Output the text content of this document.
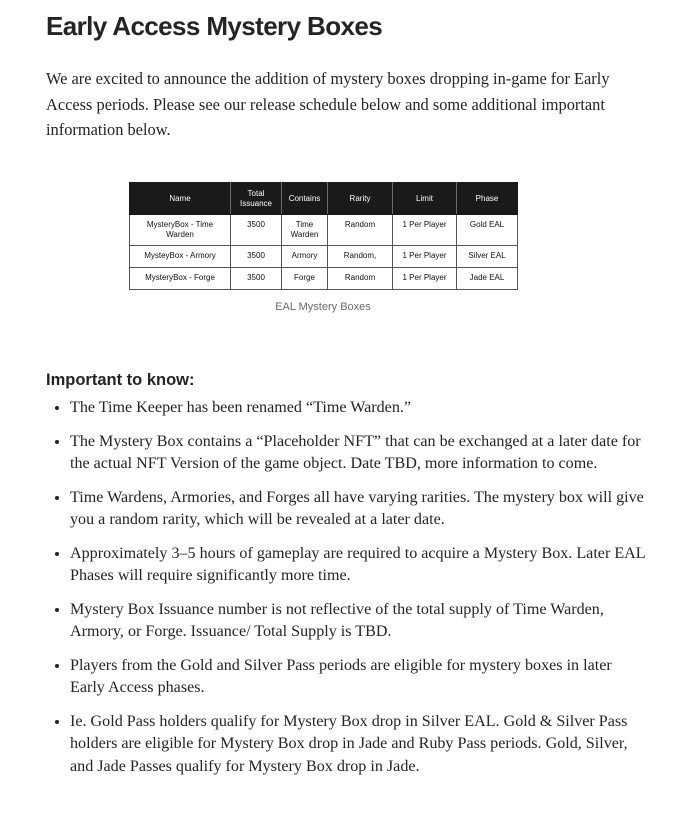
Early Access Mystery Boxes

We are excited to announce the addition of mystery boxes dropping in-game for Early Access periods. Please see our release schedule below and some additional important information below.

Name	Total Issuance	Contains	Rarity	Limit	Phase
MysteryBox - Time Warden	3500	Time Warden	Random	1 Per Player	Gold EAL
MysteyBox - Armory	3500	Armory	Random,	1 Per Player	Silver EAL
MysteryBox - Forge	3500	Forge	Random	1 Per Player	Jade EAL
EAL Mystery Boxes
Important to know:
• The Time Keeper has been renamed “Time Warden.”
• The Mystery Box contains a “Placeholder NFT” that can be exchanged at a later date for the actual NFT Version of the game object. Date TBD, more information to come.
• Time Wardens, Armories, and Forges all have varying rarities. The mystery box will give you a random rarity, which will be revealed at a later date.
• Approximately 3–5 hours of gameplay are required to acquire a Mystery Box. Later EAL Phases will require significantly more time.
• Mystery Box Issuance number is not reflective of the total supply of Time Warden, Armory, or Forge. Issuance/ Total Supply is TBD.
• Players from the Gold and Silver Pass periods are eligible for mystery boxes in later Early Access phases.
• Ie. Gold Pass holders qualify for Mystery Box drop in Silver EAL. Gold & Silver Pass holders are eligible for Mystery Box drop in Jade and Ruby Pass periods. Gold, Silver, and Jade Passes qualify for Mystery Box drop in Jade.
